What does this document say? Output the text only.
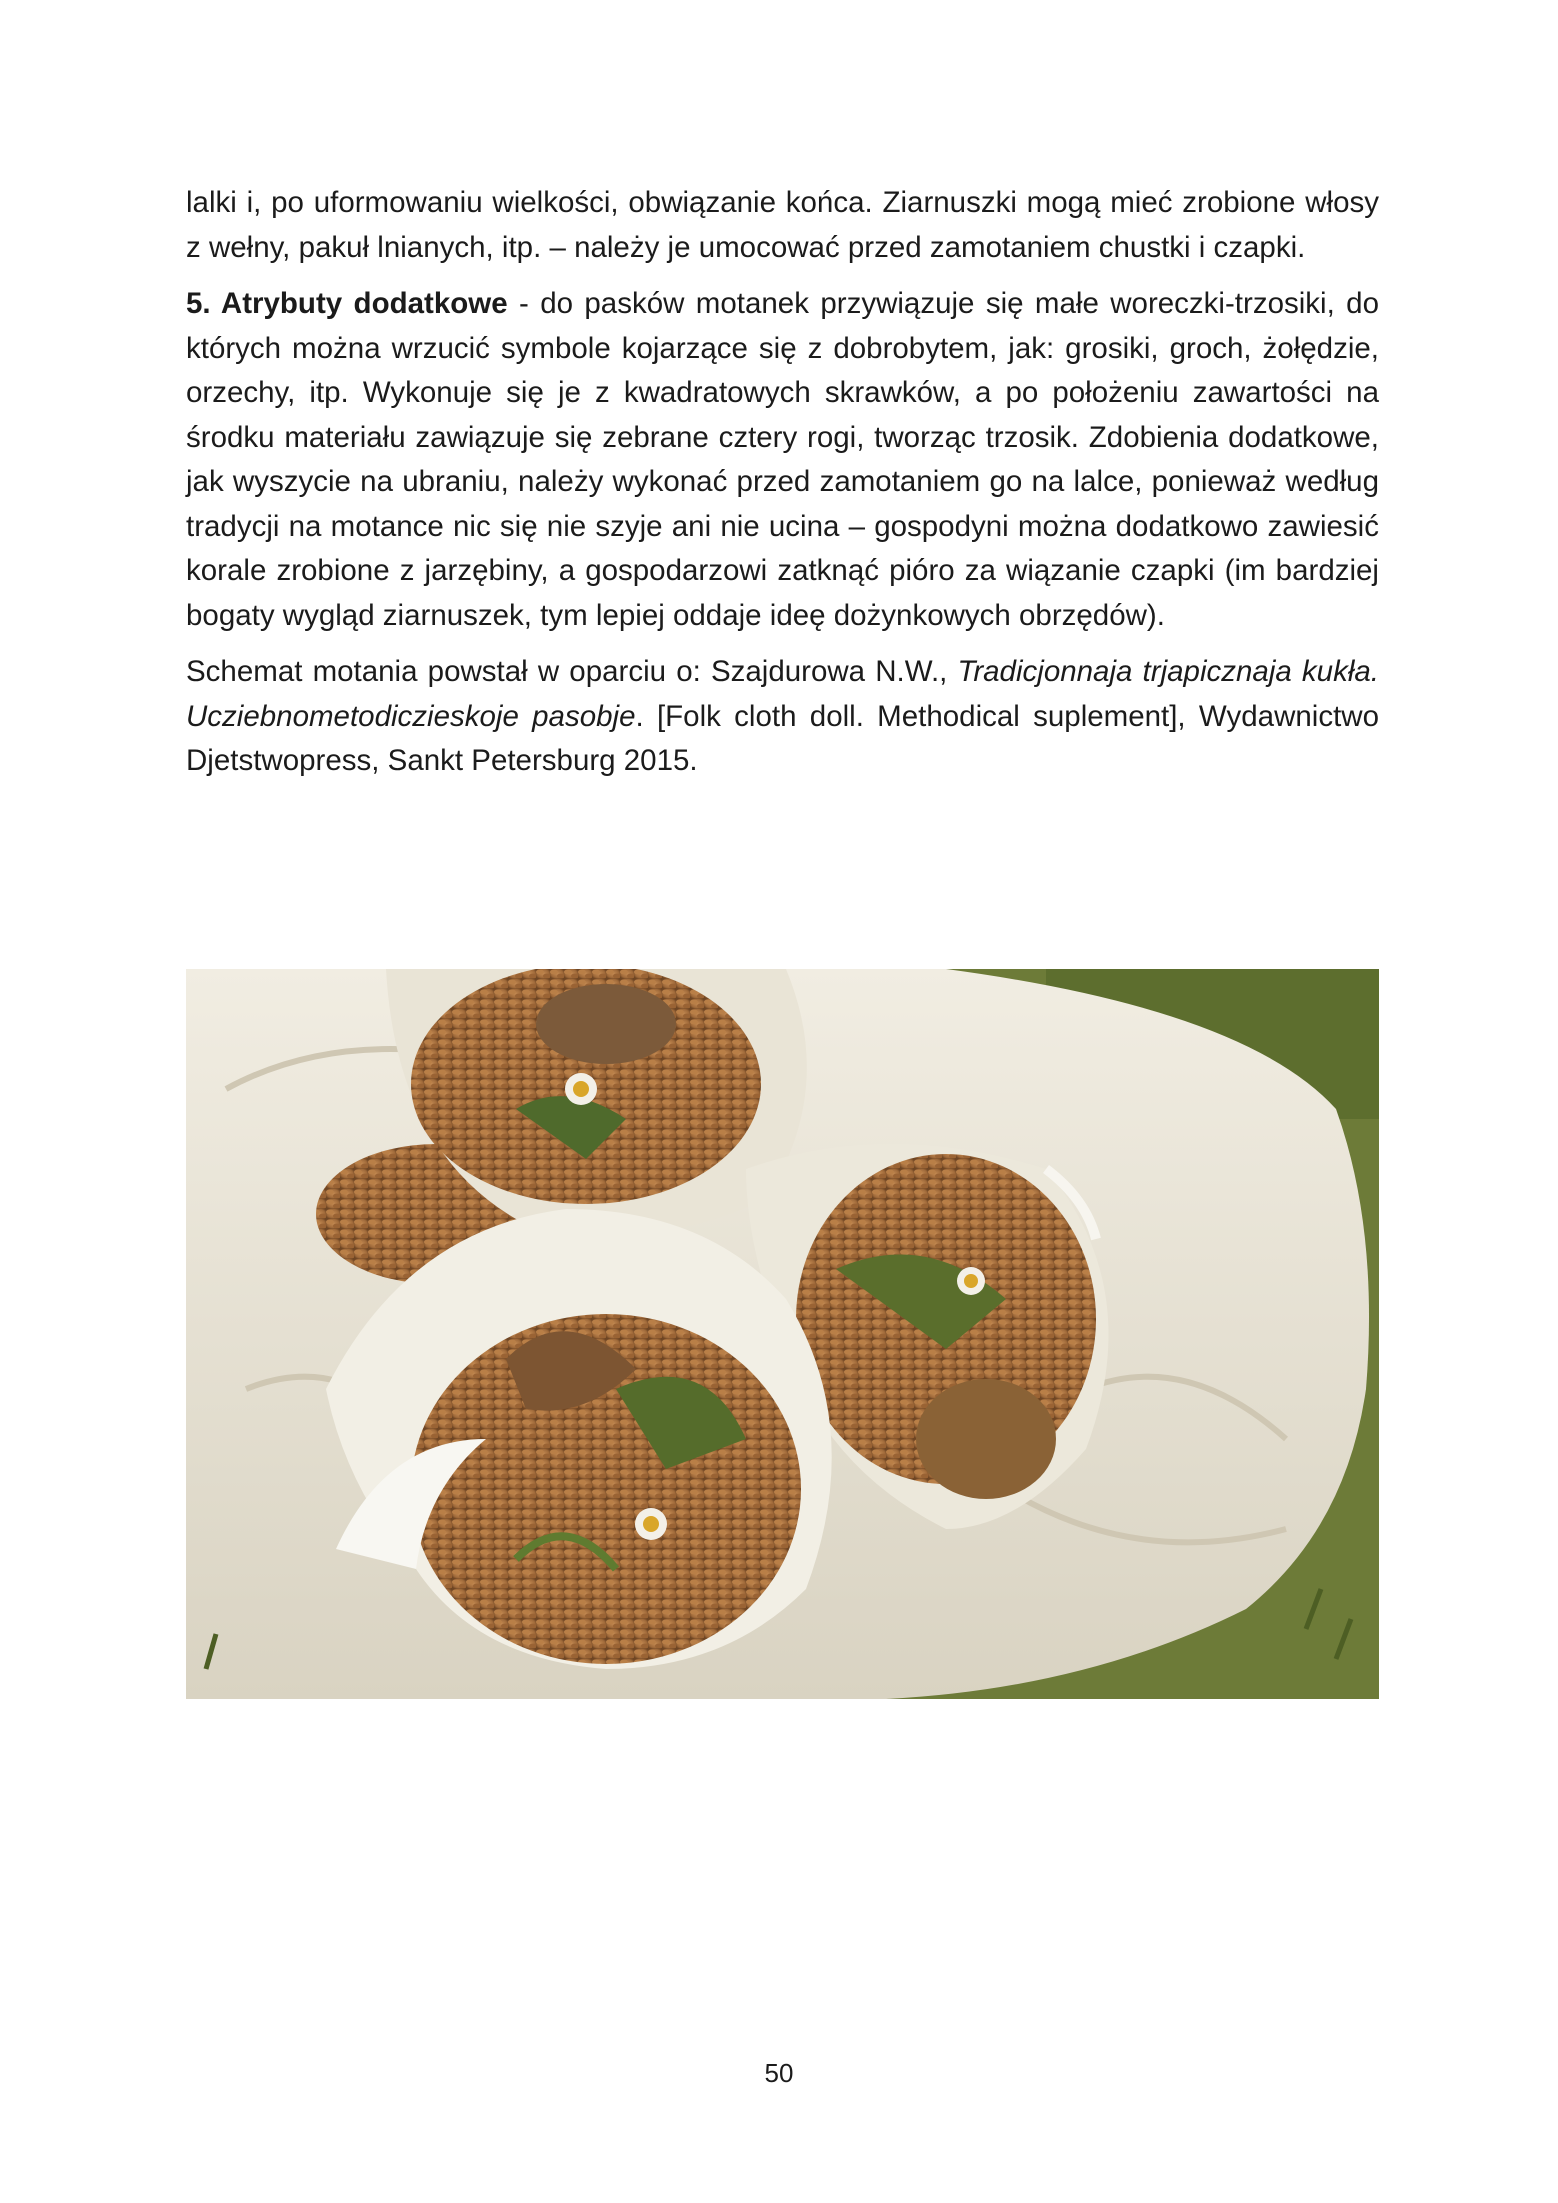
lalki i, po uformowaniu wielkości, obwiązanie końca. Ziarnuszki mogą mieć zrobione włosy z wełny, pakuł lnianych, itp. – należy je umocować przed zamotaniem chustki i czapki.

5. Atrybuty dodatkowe - do pasków motanek przywiązuje się małe woreczki-trzosiki, do których można wrzucić symbole kojarzące się z dobrobytem, jak: grosiki, groch, żołędzie, orzechy, itp. Wykonuje się je z kwadratowych skrawków, a po położeniu zawartości na środku materiału zawiązuje się zebrane cztery rogi, tworząc trzosik. Zdobienia dodatkowe, jak wyszycie na ubraniu, należy wykonać przed zamotaniem go na lalce, ponieważ według tradycji na motance nic się nie szyje ani nie ucina – gospodyni można dodatkowo zawiesić korale zrobione z jarzębiny, a gospodarzowi zatknąć pióro za wiązanie czapki (im bardziej bogaty wygląd ziarnuszek, tym lepiej oddaje ideę dożynkowych obrzędów).

Schemat motania powstał w oparciu o: Szajdurowa N.W., Tradicjonnaja trjapicznaja kukła. Ucziebnometodiczieskoje pasobje. [Folk cloth doll. Methodical suplement], Wydawnictwo Djetstwopress, Sankt Petersburg 2015.

50
